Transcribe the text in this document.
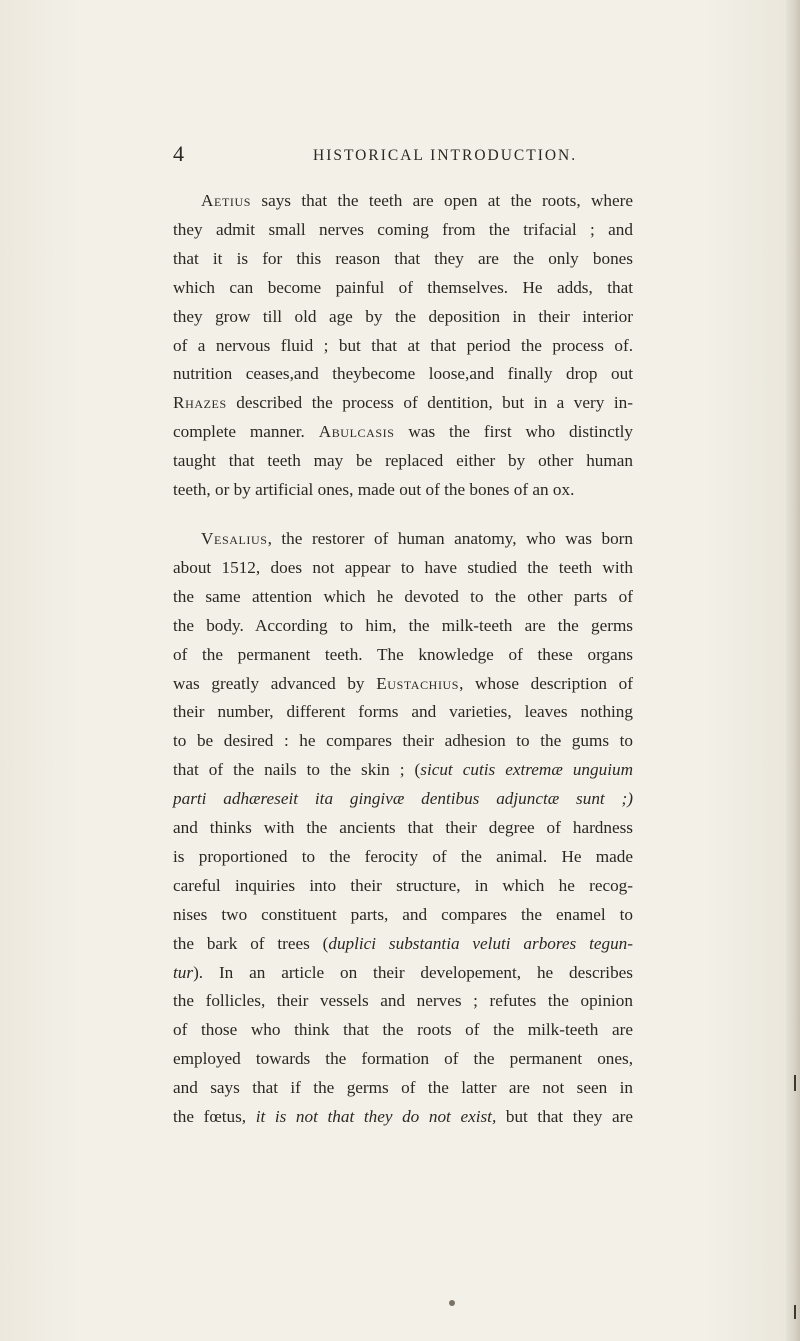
4	HISTORICAL INTRODUCTION.
Aetius says that the teeth are open at the roots, where
they admit small nerves coming from the trifacial ; and
that it is for this reason that they are the only bones
which can become painful of themselves. He adds, that
they grow till old age by the deposition in their interior
of a nervous fluid ; but that at that period the process of.
nutrition ceases,and theybecome loose,and finally drop out
Rhazes described the process of dentition, but in a very in-
complete manner. Abulcasis was the first who distinctly
taught that teeth may be replaced either by other human
teeth, or by artificial ones, made out of the bones of an ox.
Vesalius, the restorer of human anatomy, who was born
about 1512, does not appear to have studied the teeth with
the same attention which he devoted to the other parts of
the body. According to him, the milk-teeth are the germs
of the permanent teeth. The knowledge of these organs
was greatly advanced by Eustachius, whose description of
their number, different forms and varieties, leaves nothing
to be desired : he compares their adhesion to the gums to
that of the nails to the skin ; (sicut cutis extremæ unguium
parti adhæreseit ita gingivæ dentibus adjunctæ sunt ;)
and thinks with the ancients that their degree of hardness
is proportioned to the ferocity of the animal. He made
careful inquiries into their structure, in which he recog-
nises two constituent parts, and compares the enamel to
the bark of trees (duplici substantia veluti arbores tegun-
tur). In an article on their developement, he describes
the follicles, their vessels and nerves ; refutes the opinion
of those who think that the roots of the milk-teeth are
employed towards the formation of the permanent ones,
and says that if the germs of the latter are not seen in
the fœtus, it is not that they do not exist, but that they are
